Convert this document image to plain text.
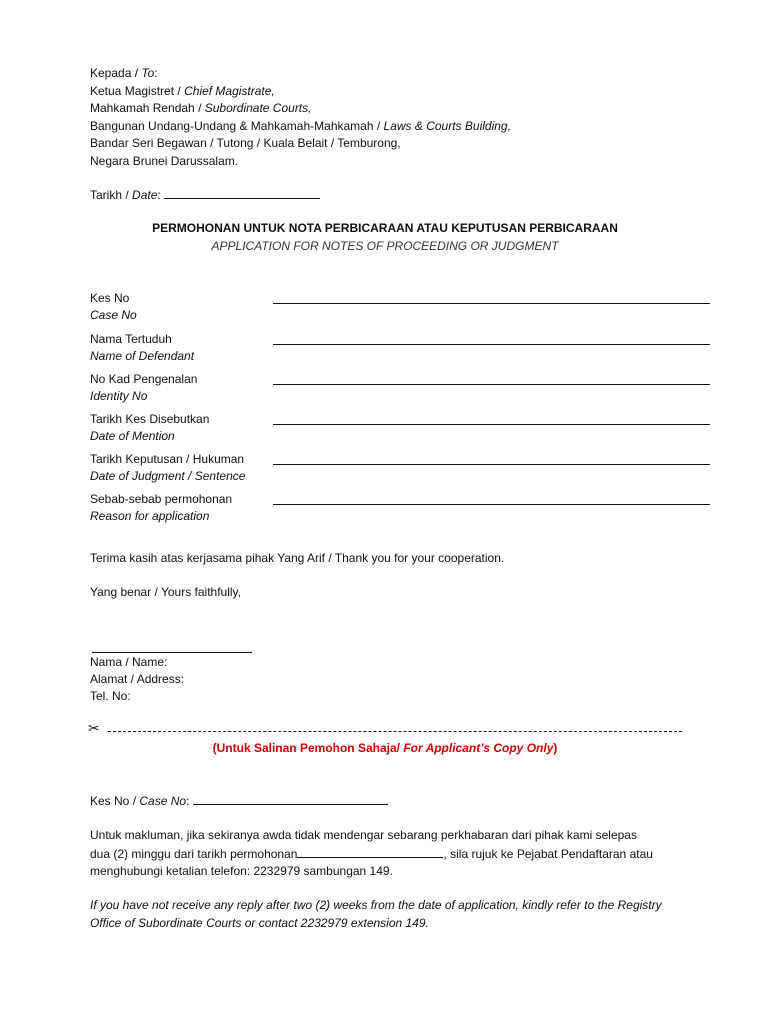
Kepada / To:
Ketua Magistret / Chief Magistrate,
Mahkamah Rendah / Subordinate Courts,
Bangunan Undang-Undang & Mahkamah-Mahkamah / Laws & Courts Building,
Bandar Seri Begawan / Tutong / Kuala Belait / Temburong,
Negara Brunei Darussalam.
Tarikh / Date:
PERMOHONAN UNTUK NOTA PERBICARAAN ATAU KEPUTUSAN PERBICARAAN
APPLICATION FOR NOTES OF PROCEEDING OR JUDGMENT
Kes No
Case No
Nama Tertuduh
Name of Defendant
No Kad Pengenalan
Identity No
Tarikh Kes Disebutkan
Date of Mention
Tarikh Keputusan / Hukuman
Date of Judgment / Sentence
Sebab-sebab permohonan
Reason for application
Terima kasih atas kerjasama pihak Yang Arif / Thank you for your cooperation.
Yang benar / Yours faithfully,
Nama / Name:
Alamat / Address:
Tel. No:
✂
(Untuk Salinan Pemohon Sahaja/ For Applicant’s Copy Only)
Kes No / Case No:
Untuk makluman, jika sekiranya awda tidak mendengar sebarang perkhabaran dari pihak kami selepas
dua (2) minggu dari tarikh permohonan	, sila rujuk ke Pejabat Pendaftaran atau
menghubungi ketalian telefon: 2232979 sambungan 149.
If you have not receive any reply after two (2) weeks from the date of application, kindly refer to the Registry
Office of Subordinate Courts or contact 2232979 extension 149.
